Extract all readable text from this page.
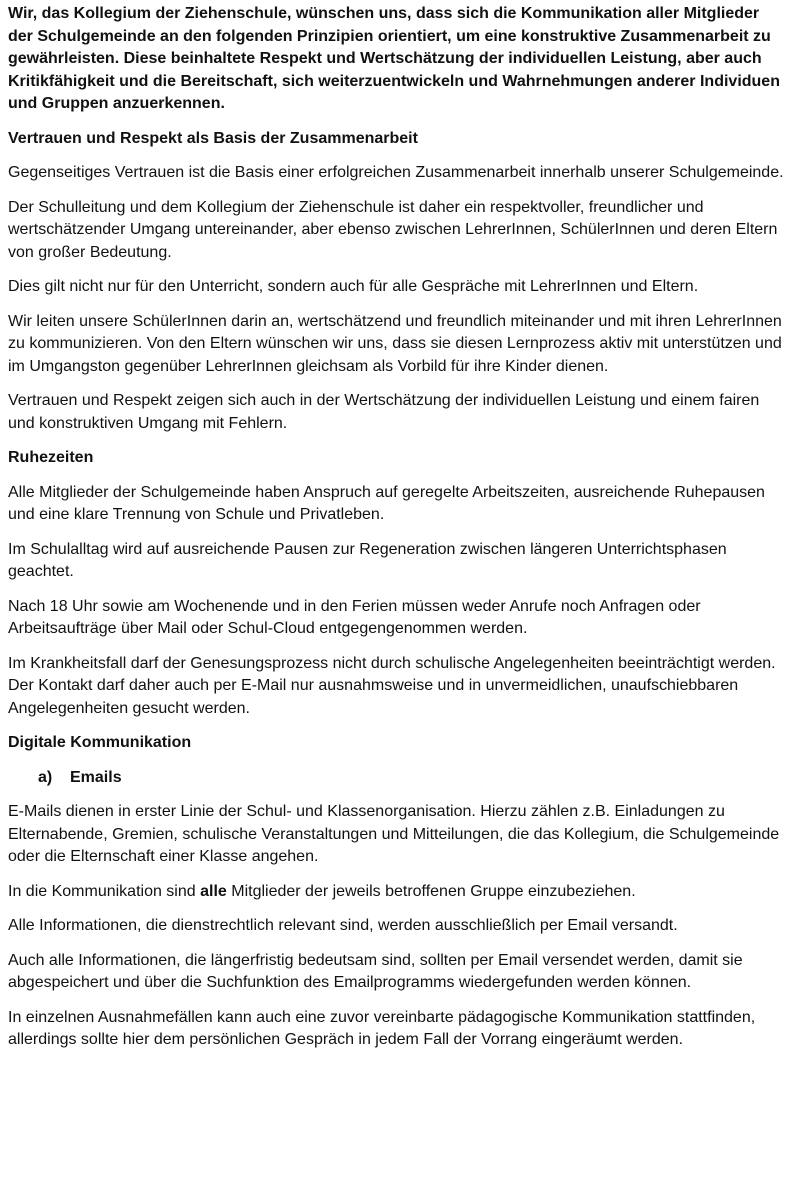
Wir, das Kollegium der Ziehenschule, wünschen uns, dass sich die Kommunikation aller Mitglieder der Schulgemeinde an den folgenden Prinzipien orientiert, um eine konstruktive Zusammenarbeit zu gewährleisten. Diese beinhaltete Respekt und Wertschätzung der individuellen Leistung, aber auch Kritikfähigkeit und die Bereitschaft, sich weiterzuentwickeln und Wahrnehmungen anderer Individuen und Gruppen anzuerkennen.
Vertrauen und Respekt als Basis der Zusammenarbeit

Gegenseitiges Vertrauen ist die Basis einer erfolgreichen Zusammenarbeit innerhalb unserer Schulgemeinde.

Der Schulleitung und dem Kollegium der Ziehenschule ist daher ein respektvoller, freundlicher und wertschätzender Umgang untereinander, aber ebenso zwischen LehrerInnen, SchülerInnen und deren Eltern von großer Bedeutung.

Dies gilt nicht nur für den Unterricht, sondern auch für alle Gespräche mit LehrerInnen und Eltern.

Wir leiten unsere SchülerInnen darin an, wertschätzend und freundlich miteinander und mit ihren LehrerInnen zu kommunizieren. Von den Eltern wünschen wir uns, dass sie diesen Lernprozess aktiv mit unterstützen und im Umgangston gegenüber LehrerInnen gleichsam als Vorbild für ihre Kinder dienen.

Vertrauen und Respekt zeigen sich auch in der Wertschätzung der individuellen Leistung und einem fairen und konstruktiven Umgang mit Fehlern.

Ruhezeiten

Alle Mitglieder der Schulgemeinde haben Anspruch auf geregelte Arbeitszeiten, ausreichende Ruhepausen und eine klare Trennung von Schule und Privatleben.

Im Schulalltag wird auf ausreichende Pausen zur Regeneration zwischen längeren Unterrichtsphasen geachtet.

Nach 18 Uhr sowie am Wochenende und in den Ferien müssen weder Anrufe noch Anfragen oder Arbeitsaufträge über Mail oder Schul-Cloud entgegengenommen werden.

Im Krankheitsfall darf der Genesungsprozess nicht durch schulische Angelegenheiten beeinträchtigt werden. Der Kontakt darf daher auch per E-Mail nur ausnahmsweise und in unvermeidlichen, unaufschiebbaren Angelegenheiten gesucht werden.

Digitale Kommunikation
a) Emails

E-Mails dienen in erster Linie der Schul- und Klassenorganisation. Hierzu zählen z.B. Einladungen zu Elternabende, Gremien, schulische Veranstaltungen und Mitteilungen, die das Kollegium, die Schulgemeinde oder die Elternschaft einer Klasse angehen.

In die Kommunikation sind alle Mitglieder der jeweils betroffenen Gruppe einzubeziehen.

Alle Informationen, die dienstrechtlich relevant sind, werden ausschließlich per Email versandt.

Auch alle Informationen, die längerfristig bedeutsam sind, sollten per Email versendet werden, damit sie abgespeichert und über die Suchfunktion des Emailprogramms wiedergefunden werden können.

In einzelnen Ausnahmefällen kann auch eine zuvor vereinbarte pädagogische Kommunikation stattfinden, allerdings sollte hier dem persönlichen Gespräch in jedem Fall der Vorrang eingeräumt werden.
